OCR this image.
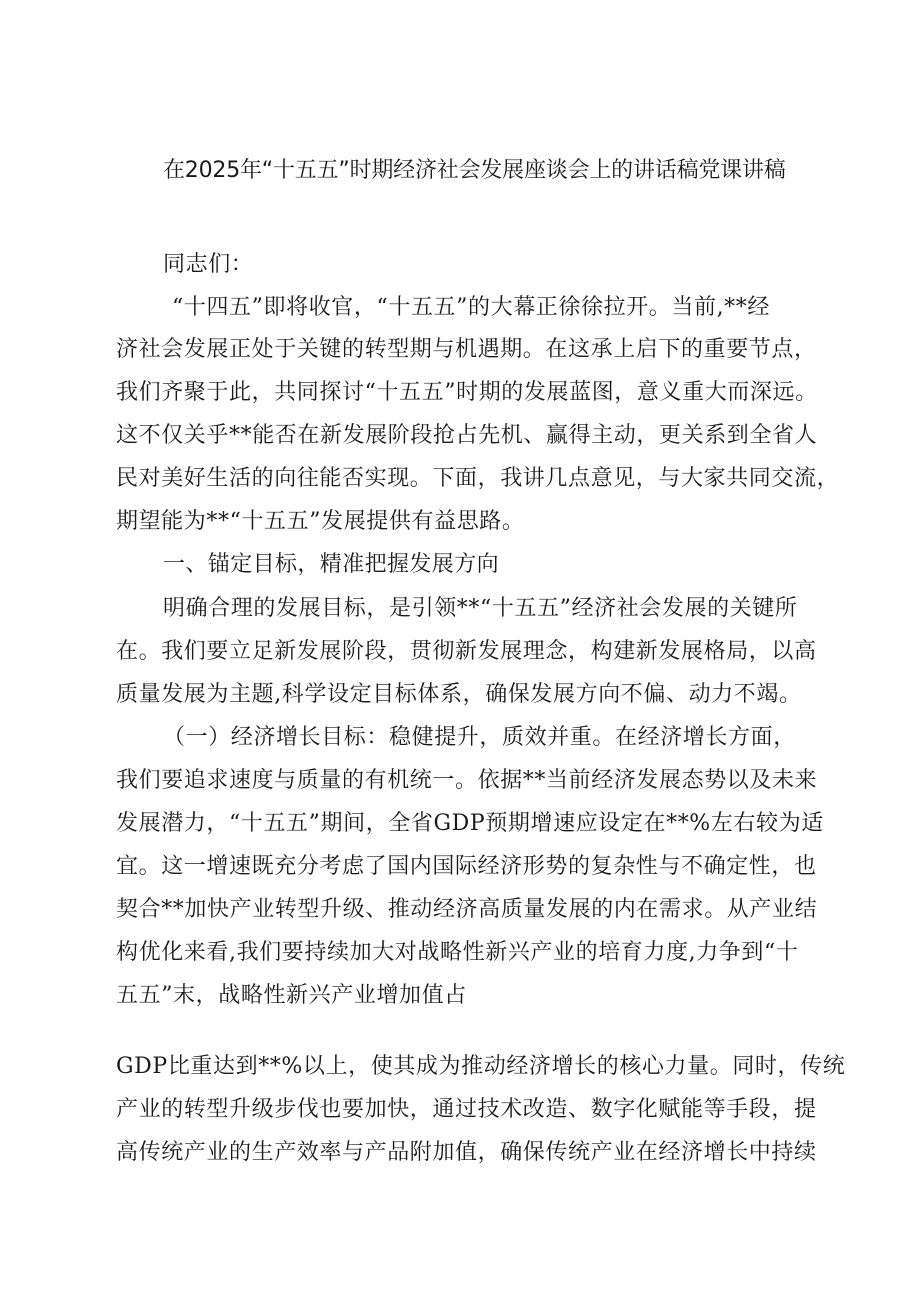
在2025年“十五五”时期经济社会发展座谈会上的讲话稿党课讲稿
同志们：
“十四五”即将收官，“十五五”的大幕正徐徐拉开。当前,**经
济社会发展正处于关键的转型期与机遇期。在这承上启下的重要节点，
我们齐聚于此，共同探讨“十五五”时期的发展蓝图，意义重大而深远。
这不仅关乎**能否在新发展阶段抢占先机、赢得主动，更关系到全省人
民对美好生活的向往能否实现。下面，我讲几点意见，与大家共同交流，
期望能为**“十五五”发展提供有益思路。
一、锚定目标，精准把握发展方向
明确合理的发展目标，是引领**“十五五”经济社会发展的关键所
在。我们要立足新发展阶段，贯彻新发展理念，构建新发展格局，以高
质量发展为主题,科学设定目标体系，确保发展方向不偏、动力不竭。
（一）经济增长目标：稳健提升，质效并重。在经济增长方面，
我们要追求速度与质量的有机统一。依据**当前经济发展态势以及未来
发展潜力，“十五五”期间，全省GDP预期增速应设定在**%左右较为适
宜。这一增速既充分考虑了国内国际经济形势的复杂性与不确定性，也
契合**加快产业转型升级、推动经济高质量发展的内在需求。从产业结
构优化来看,我们要持续加大对战略性新兴产业的培育力度,力争到“十
五五”末，战略性新兴产业增加值占
GDP比重达到**%以上，使其成为推动经济增长的核心力量。同时，传统
产业的转型升级步伐也要加快，通过技术改造、数字化赋能等手段，提
高传统产业的生产效率与产品附加值，确保传统产业在经济增长中持续
